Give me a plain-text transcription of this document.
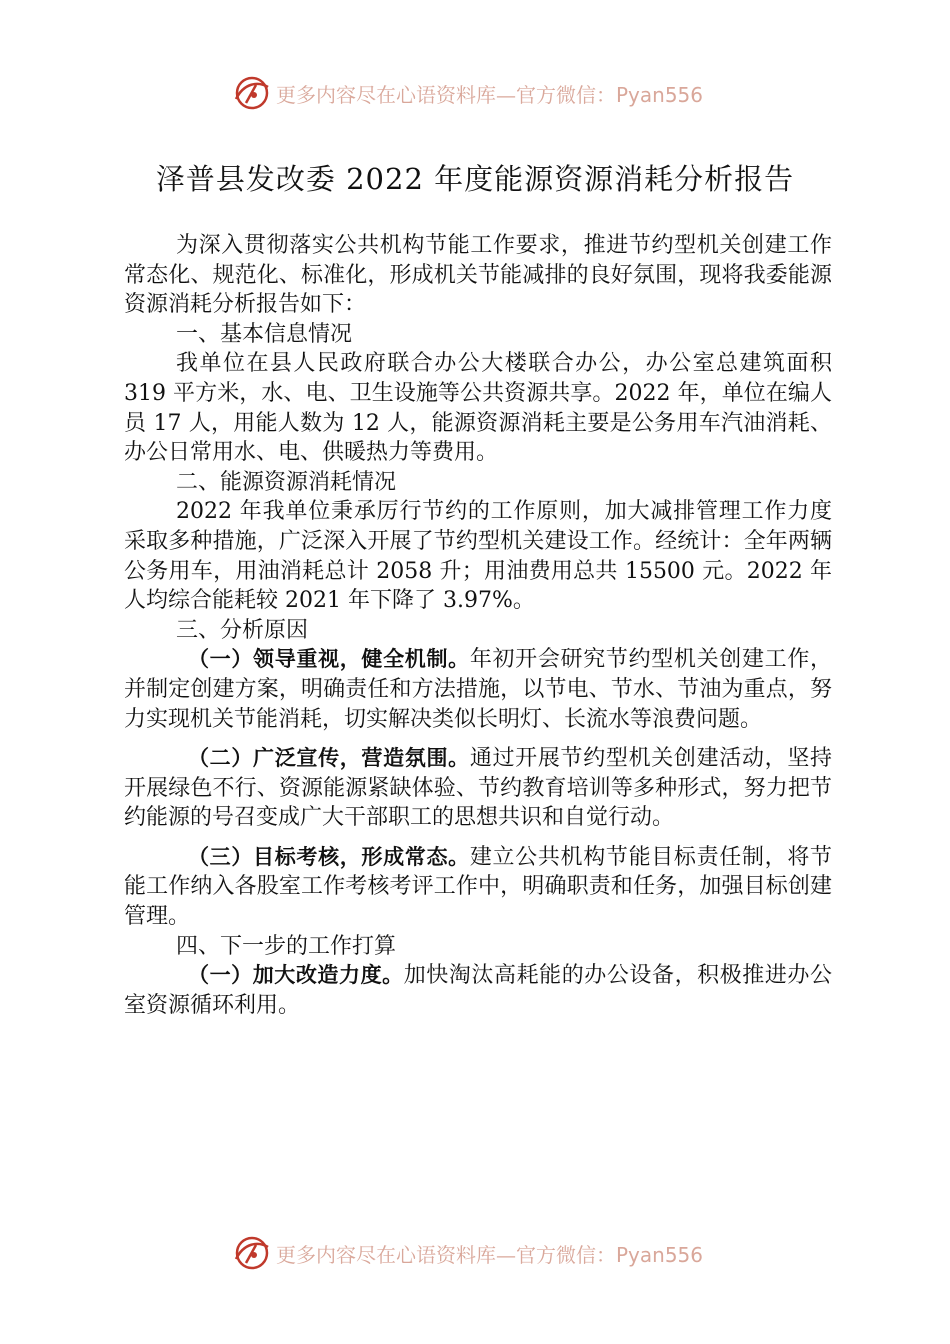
更多内容尽在心语资料库—官方微信：Pyan556
泽普县发改委 2022 年度能源资源消耗分析报告

为深入贯彻落实公共机构节能工作要求，推进节约型机关创建工作常态化、规范化、标准化，形成机关节能减排的良好氛围，现将我委能源资源消耗分析报告如下：

一、基本信息情况

我单位在县人民政府联合办公大楼联合办公，办公室总建筑面积 319 平方米，水、电、卫生设施等公共资源共享。2022 年，单位在编人员 17 人，用能人数为 12 人，能源资源消耗主要是公务用车汽油消耗、办公日常用水、电、供暖热力等费用。

二、能源资源消耗情况

2022 年我单位秉承厉行节约的工作原则，加大减排管理工作力度采取多种措施，广泛深入开展了节约型机关建设工作。经统计：全年两辆公务用车，用油消耗总计 2058 升；用油费用总共 15500 元。2022 年人均综合能耗较 2021 年下降了 3.97%。

三、分析原因

（一）领导重视，健全机制。年初开会研究节约型机关创建工作，并制定创建方案，明确责任和方法措施，以节电、节水、节油为重点，努力实现机关节能消耗，切实解决类似长明灯、长流水等浪费问题。

（二）广泛宣传，营造氛围。通过开展节约型机关创建活动，坚持开展绿色不行、资源能源紧缺体验、节约教育培训等多种形式，努力把节约能源的号召变成广大干部职工的思想共识和自觉行动。

（三）目标考核，形成常态。建立公共机构节能目标责任制，将节能工作纳入各股室工作考核考评工作中，明确职责和任务，加强目标创建管理。

四、下一步的工作打算

（一）加大改造力度。加快淘汰高耗能的办公设备，积极推进办公室资源循环利用。

更多内容尽在心语资料库—官方微信：Pyan556
